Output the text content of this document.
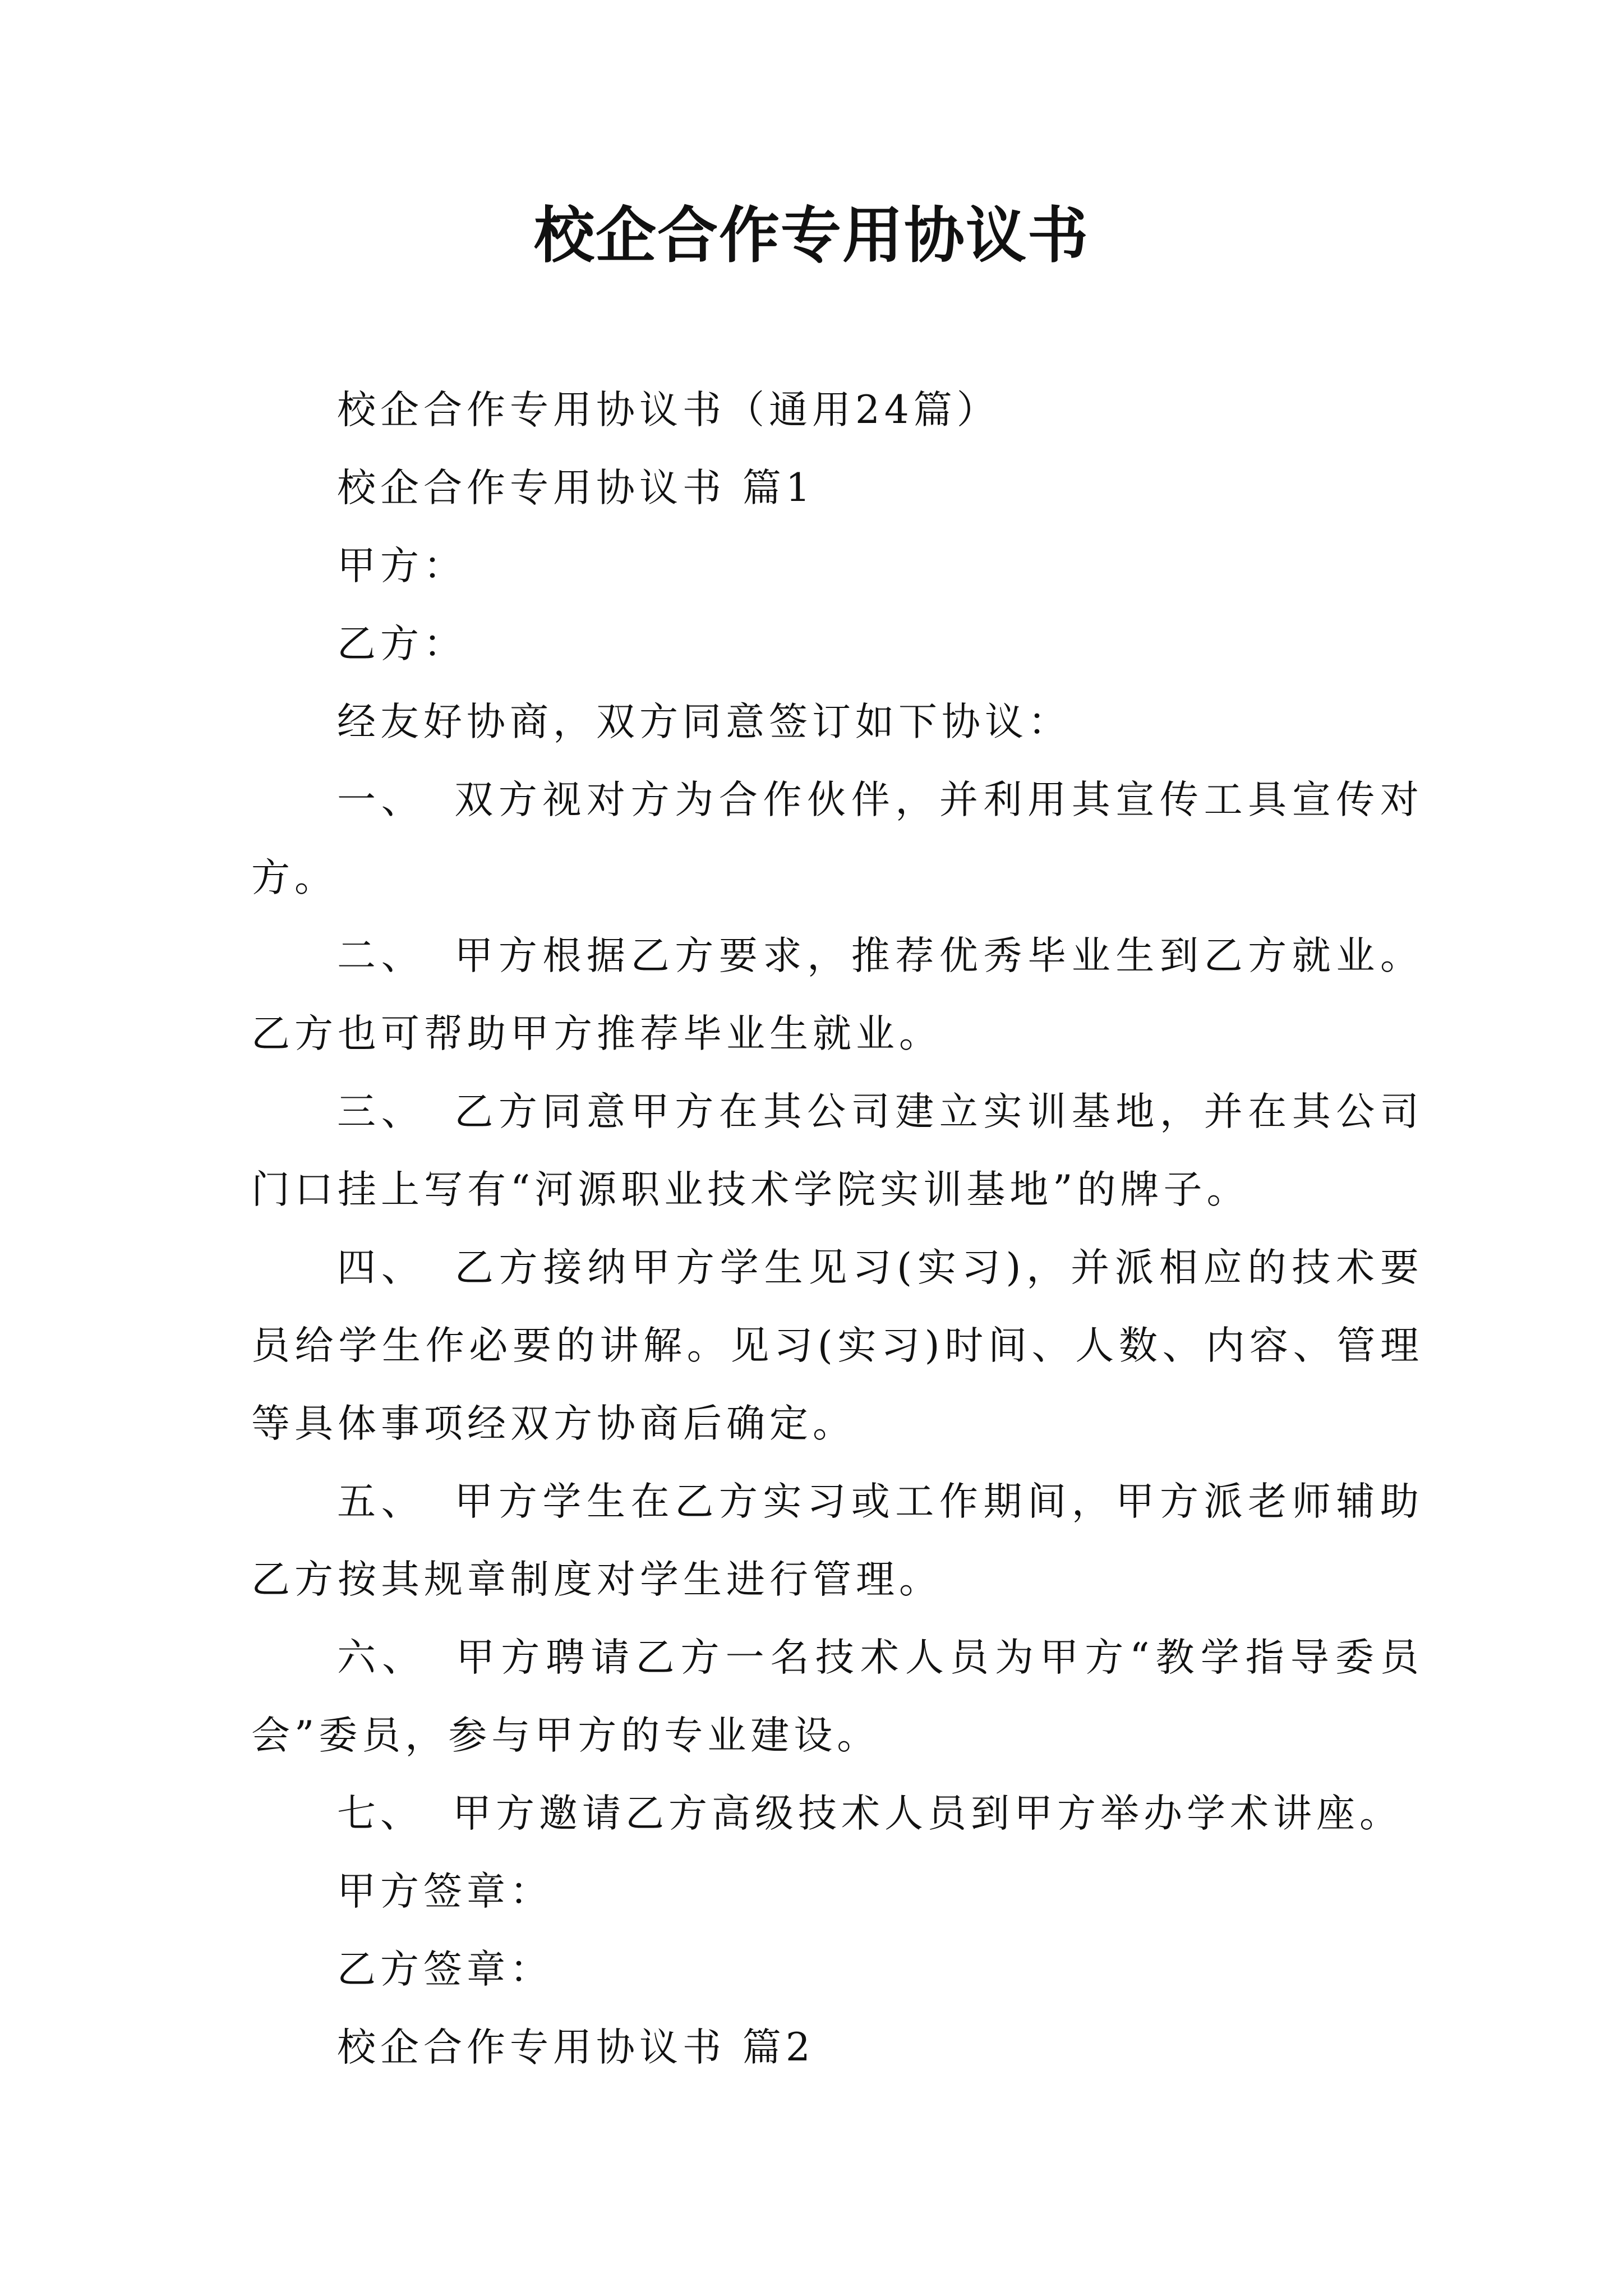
校企合作专用协议书

校企合作专用协议书（通用24篇）

校企合作专用协议书 篇1

甲方：

乙方：

经友好协商，双方同意签订如下协议：

一、 双方视对方为合作伙伴，并利用其宣传工具宣传对方。

二、 甲方根据乙方要求，推荐优秀毕业生到乙方就业。乙方也可帮助甲方推荐毕业生就业。

三、 乙方同意甲方在其公司建立实训基地，并在其公司门口挂上写有“河源职业技术学院实训基地”的牌子。

四、 乙方接纳甲方学生见习(实习)，并派相应的技术要员给学生作必要的讲解。见习(实习)时间、人数、内容、管理等具体事项经双方协商后确定。

五、 甲方学生在乙方实习或工作期间，甲方派老师辅助乙方按其规章制度对学生进行管理。

六、 甲方聘请乙方一名技术人员为甲方“教学指导委员会”委员，参与甲方的专业建设。

七、 甲方邀请乙方高级技术人员到甲方举办学术讲座。

甲方签章：

乙方签章：

校企合作专用协议书 篇2
